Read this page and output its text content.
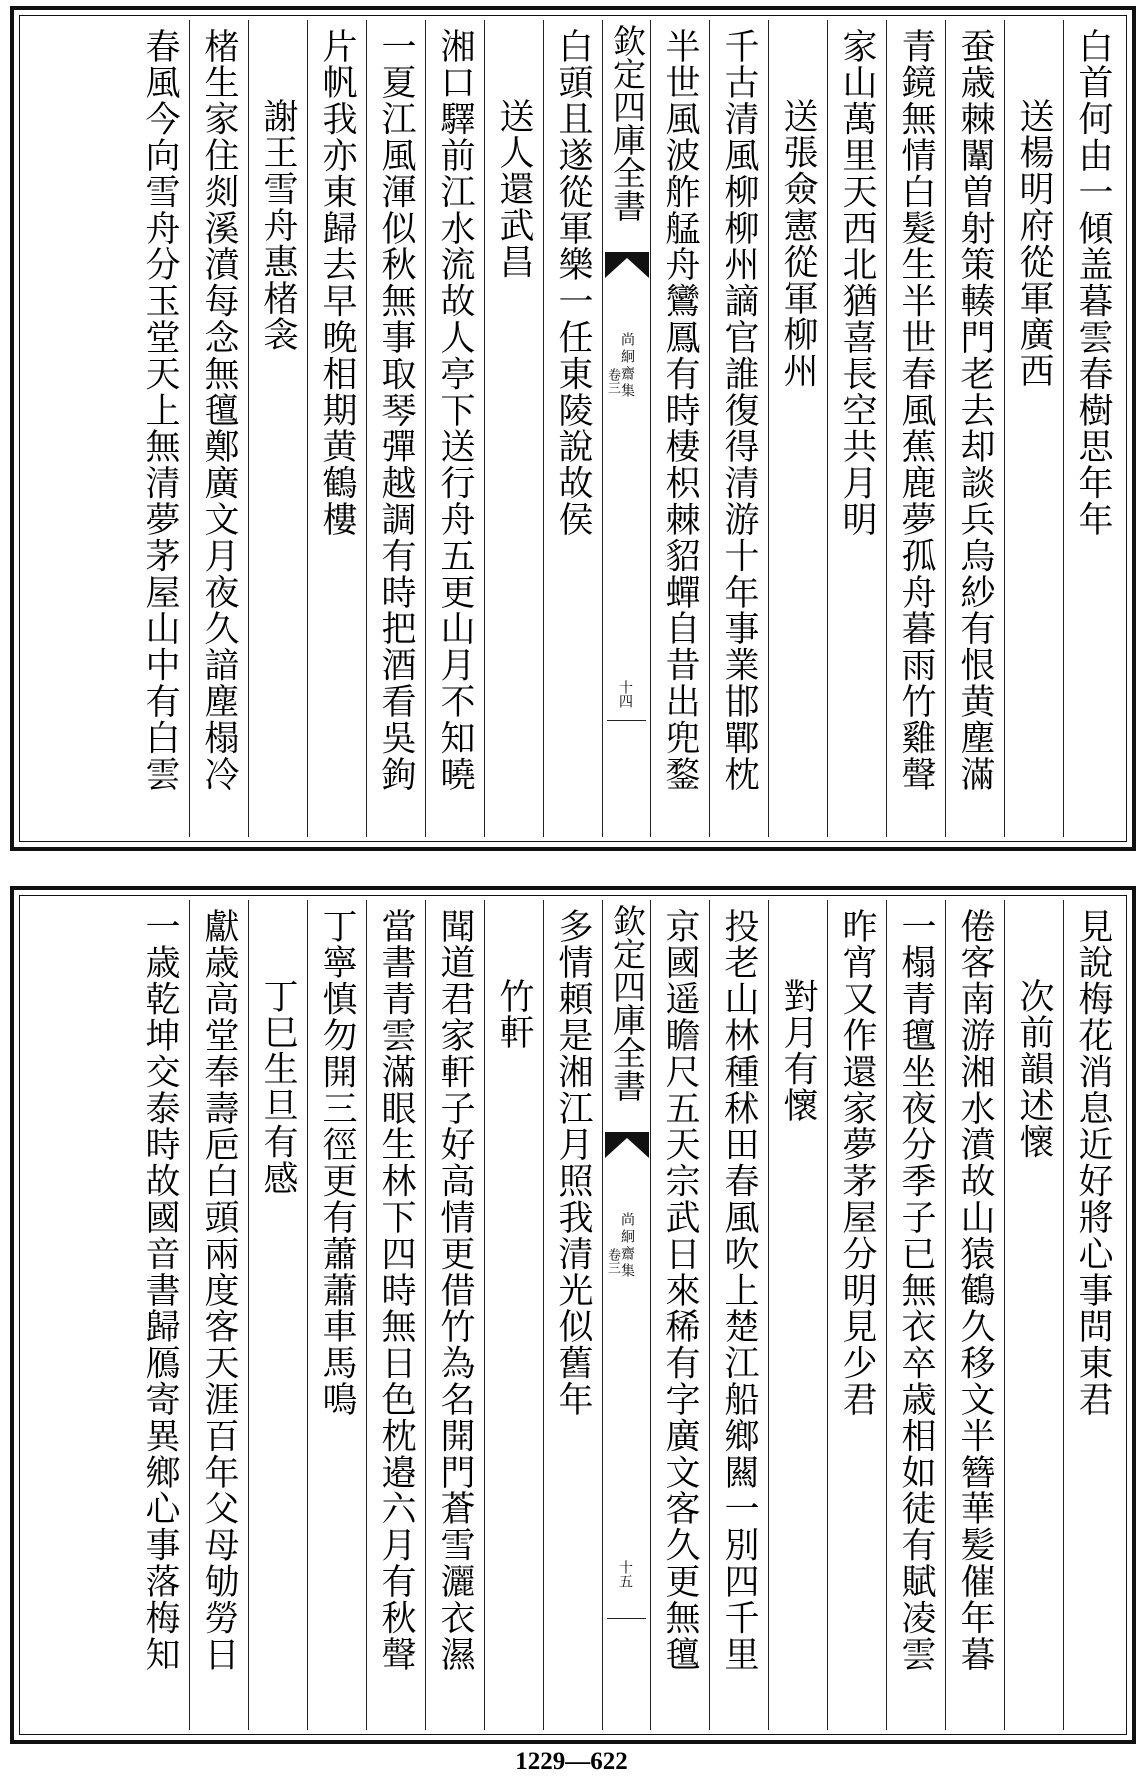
白首何由一傾盖暮雲春樹思年年
送楊明府從軍廣西
蚕歳棘闈曽射策輳門老去却談兵烏紗有恨黄塵滿
青鏡無情白髮生半世春風蕉鹿夢孤舟暮雨竹雞聲
家山萬里天西北猶喜長空共月明
送張僉憲從軍柳州
千古清風柳柳州謫官誰復得清游十年事業邯鄲枕
半世風波舴艋舟鸞鳳有時棲枳棘貂蟬自昔出兜鍪
欽定四庫全書
尚絅齋集
卷三
十四
白頭且遂從軍樂一任東陵說故侯
送人還武昌
湘口驛前江水流故人亭下送行舟五更山月不知曉
一夏江風渾似秋無事取琴彈越調有時把酒看吳鉤
片帆我亦東歸去早晚相期黄鶴樓
謝王雪舟惠楮衾
楮生家住剡溪濆每念無氊鄭廣文月夜久諳塵榻冷
春風今向雪舟分玉堂天上無清夢茅屋山中有白雲
見說梅花消息近好將心事問東君
次前韻述懷
倦客南游湘水濆故山猿鶴久移文半簪華髪催年暮
一榻青氊坐夜分季子已無衣卒歳相如徒有賦凌雲
昨宵又作還家夢茅屋分明見少君
對月有懷
投老山林種秫田春風吹上楚江船鄉闗一別四千里
京國遥瞻尺五天宗武日來稀有字廣文客久更無氊
欽定四庫全書
尚絅齋集
卷三
十五
多情頼是湘江月照我清光似舊年
竹軒
聞道君家軒子好高情更借竹為名開門蒼雪灑衣濕
當書青雲滿眼生林下四時無日色枕邉六月有秋聲
丁寧慎勿開三徑更有蕭蕭車馬鳴
丁巳生旦有感
獻歳高堂奉壽巵白頭兩度客天涯百年父母劬勞日
一歳乾坤交泰時故國音書歸鴈寄異鄉心事落梅知
1229—622
